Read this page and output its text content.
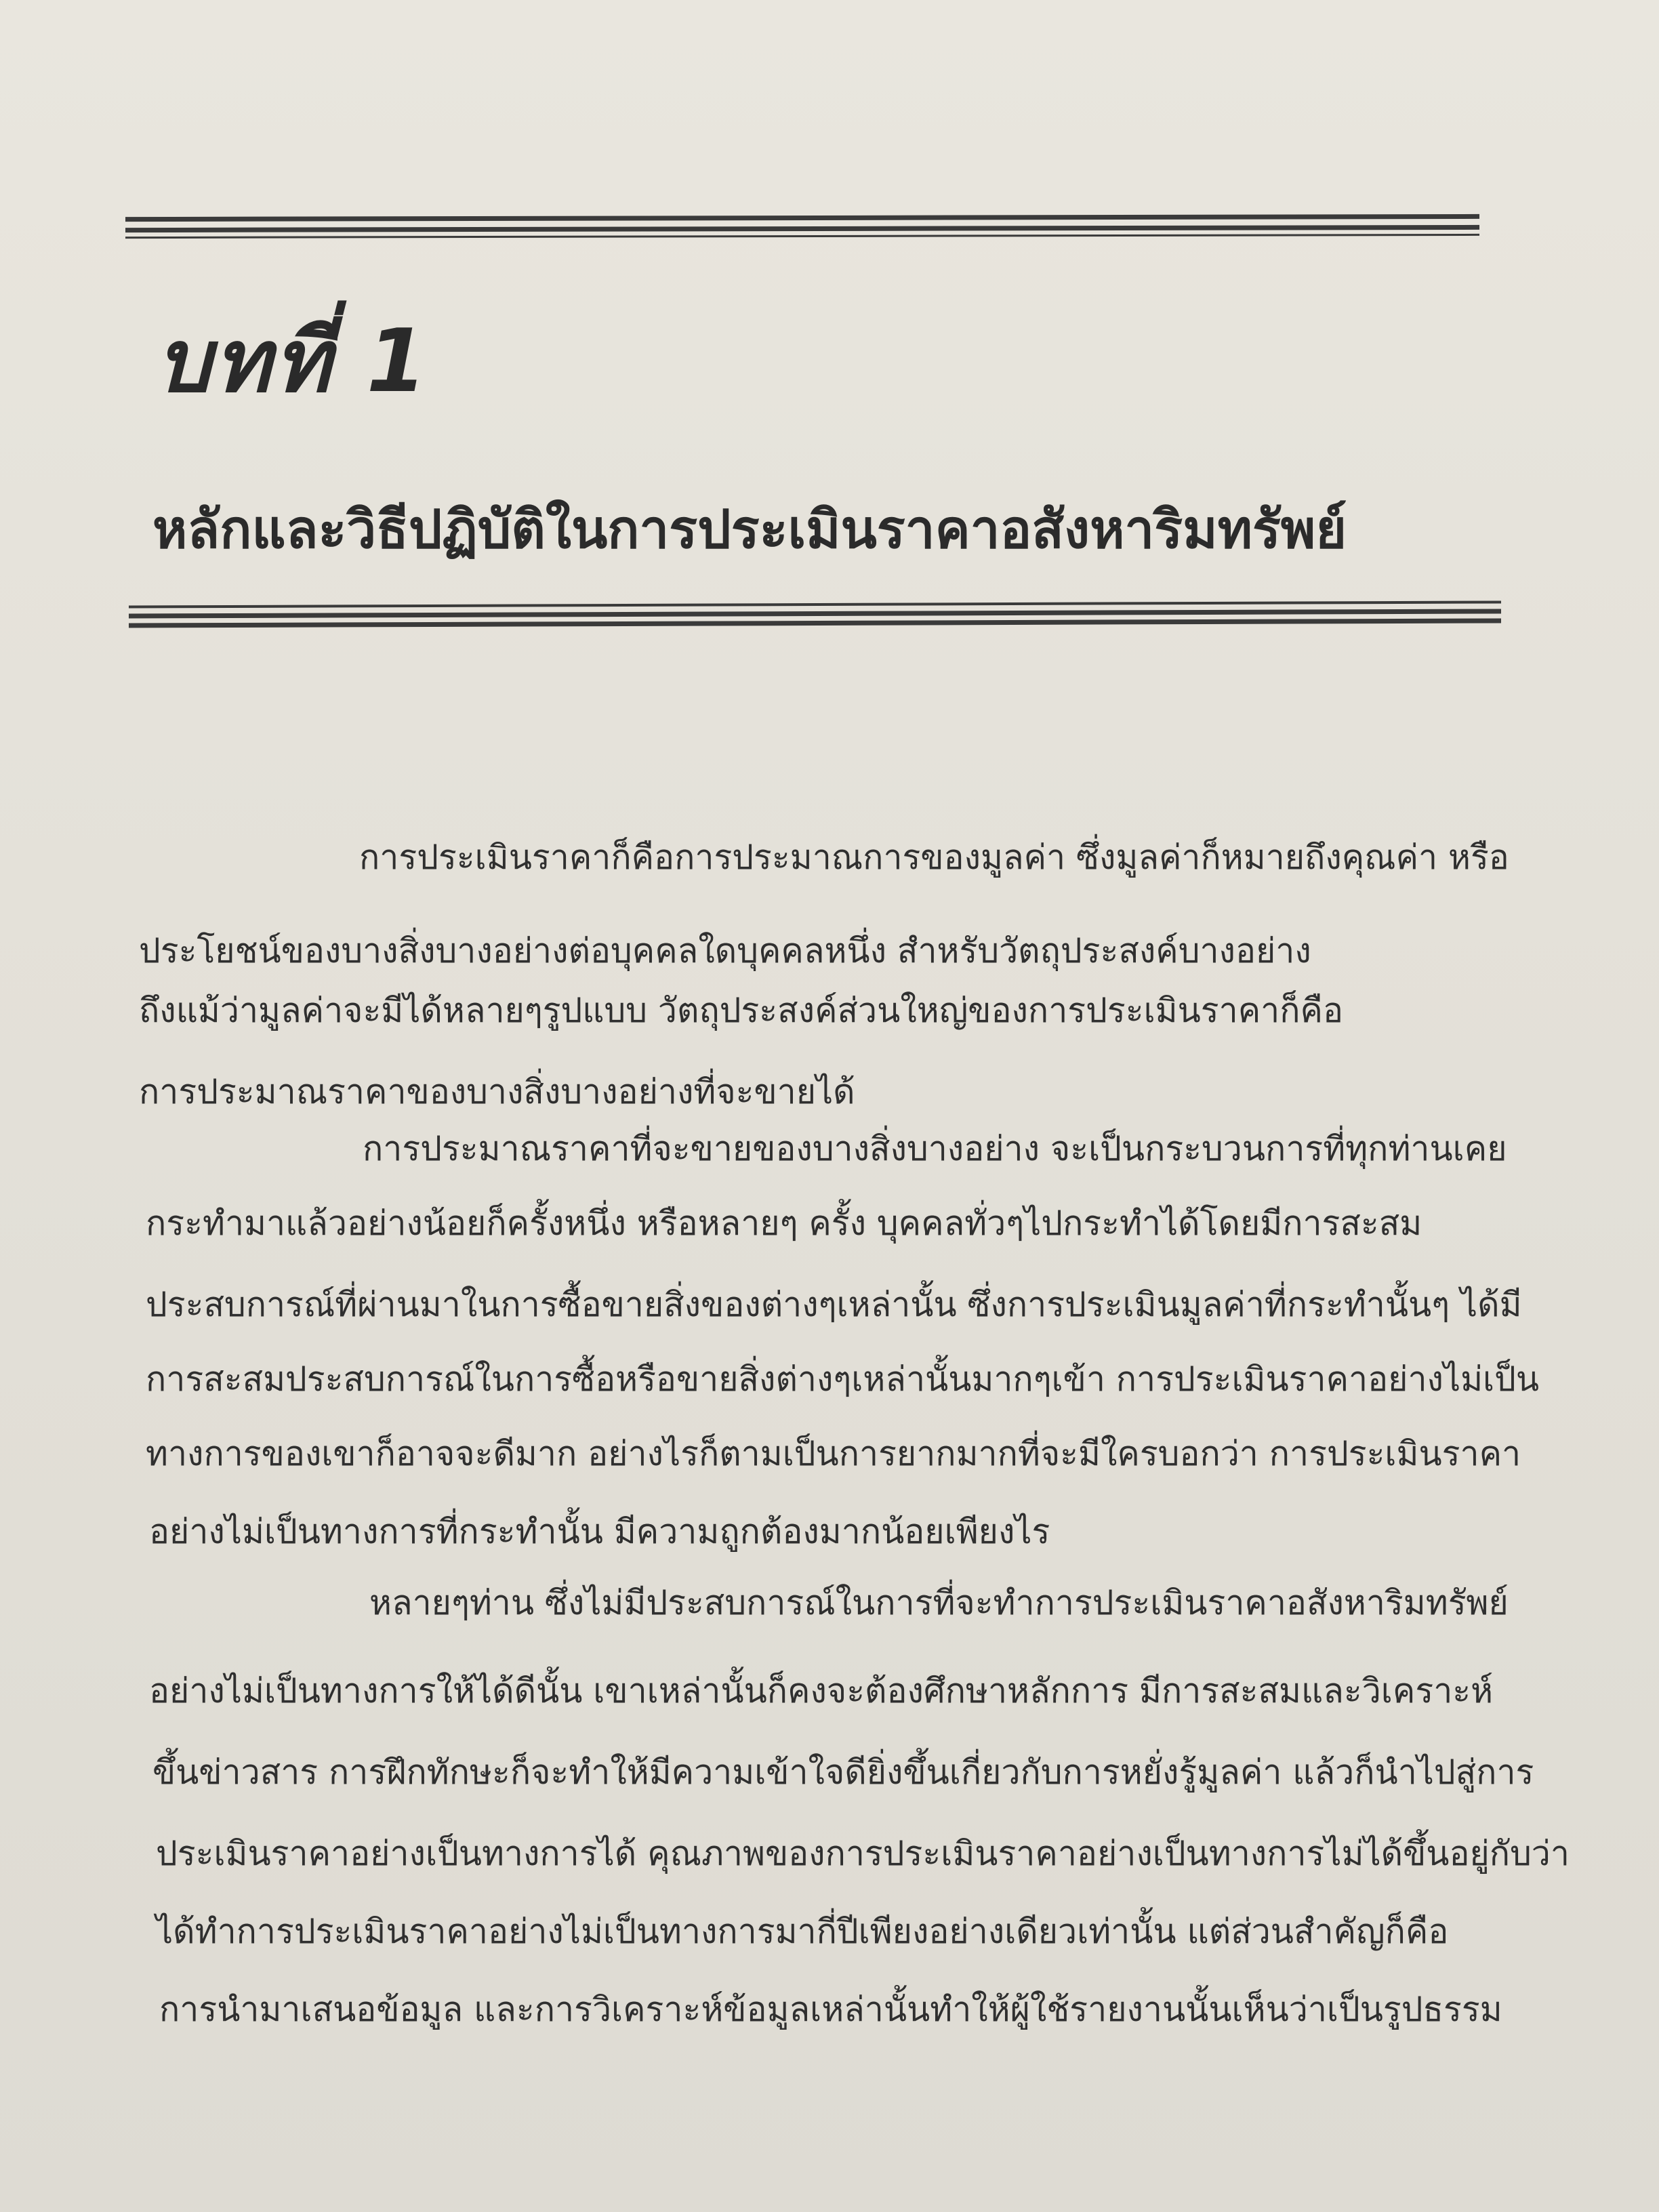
บทที่ 1
หลักและวิธีปฏิบัติในการประเมินราคาอสังหาริมทรัพย์
การประเมินราคาก็คือการประมาณการของมูลค่า ซึ่งมูลค่าก็หมายถึงคุณค่า หรือ
ประโยชน์ของบางสิ่งบางอย่างต่อบุคคลใดบุคคลหนึ่ง สำหรับวัตถุประสงค์บางอย่าง
ถึงแม้ว่ามูลค่าจะมีได้หลายๆรูปแบบ วัตถุประสงค์ส่วนใหญ่ของการประเมินราคาก็คือ
การประมาณราคาของบางสิ่งบางอย่างที่จะขายได้
การประมาณราคาที่จะขายของบางสิ่งบางอย่าง จะเป็นกระบวนการที่ทุกท่านเคย
กระทำมาแล้วอย่างน้อยก็ครั้งหนึ่ง หรือหลายๆ ครั้ง บุคคลทั่วๆไปกระทำได้โดยมีการสะสม
ประสบการณ์ที่ผ่านมาในการซื้อขายสิ่งของต่างๆเหล่านั้น ซึ่งการประเมินมูลค่าที่กระทำนั้นๆ ได้มี
การสะสมประสบการณ์ในการซื้อหรือขายสิ่งต่างๆเหล่านั้นมากๆเข้า การประเมินราคาอย่างไม่เป็น
ทางการของเขาก็อาจจะดีมาก อย่างไรก็ตามเป็นการยากมากที่จะมีใครบอกว่า การประเมินราคา
อย่างไม่เป็นทางการที่กระทำนั้น มีความถูกต้องมากน้อยเพียงไร
หลายๆท่าน ซึ่งไม่มีประสบการณ์ในการที่จะทำการประเมินราคาอสังหาริมทรัพย์
อย่างไม่เป็นทางการให้ได้ดีนั้น เขาเหล่านั้นก็คงจะต้องศึกษาหลักการ มีการสะสมและวิเคราะห์
ขึ้นข่าวสาร การฝึกทักษะก็จะทำให้มีความเข้าใจดียิ่งขึ้นเกี่ยวกับการหยั่งรู้มูลค่า แล้วก็นำไปสู่การ
ประเมินราคาอย่างเป็นทางการได้ คุณภาพของการประเมินราคาอย่างเป็นทางการไม่ได้ขึ้นอยู่กับว่า
ได้ทำการประเมินราคาอย่างไม่เป็นทางการมากี่ปีเพียงอย่างเดียวเท่านั้น แต่ส่วนสำคัญก็คือ
การนำมาเสนอข้อมูล และการวิเคราะห์ข้อมูลเหล่านั้นทำให้ผู้ใช้รายงานนั้นเห็นว่าเป็นรูปธรรม
